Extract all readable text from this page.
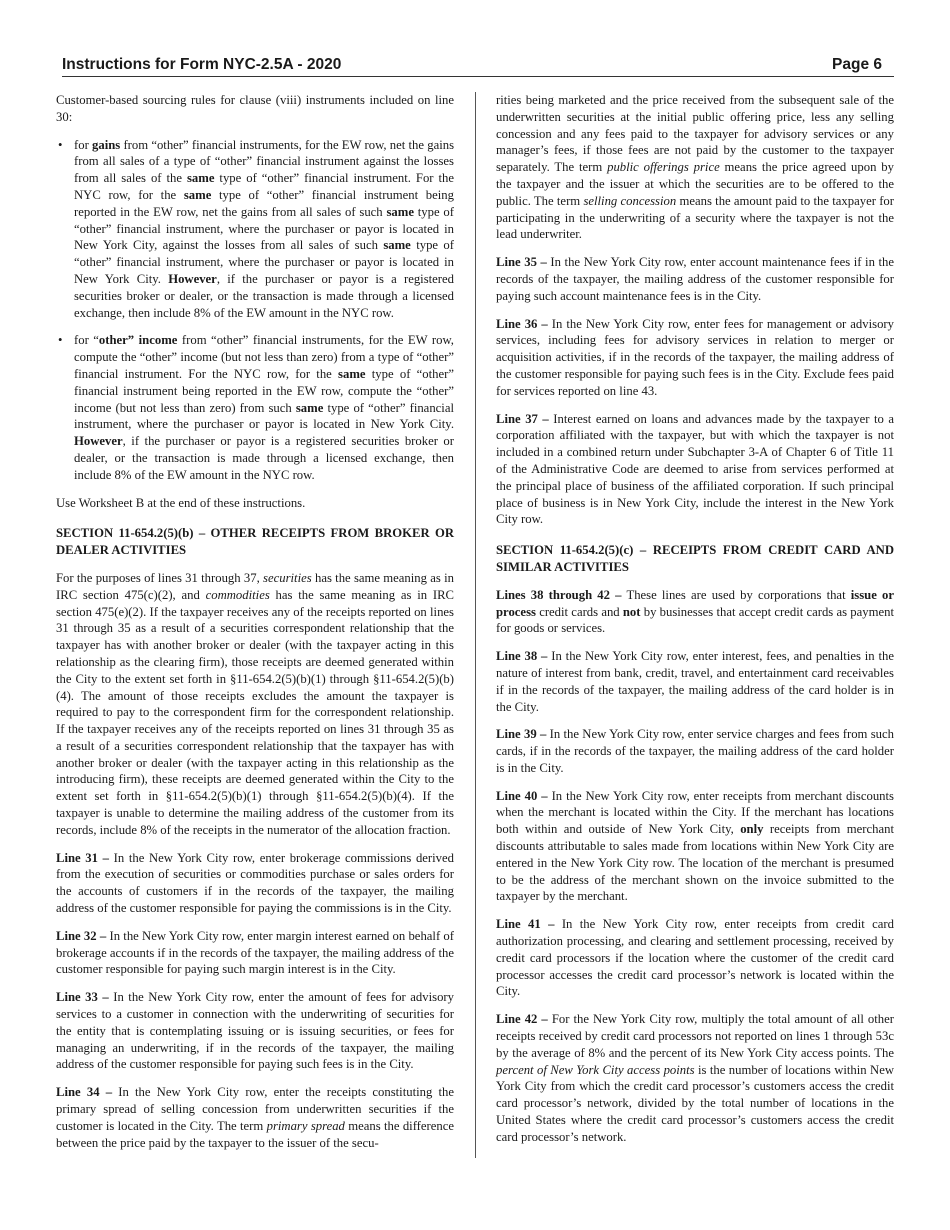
Instructions for Form NYC-2.5A - 2020	Page 6

Customer-based sourcing rules for clause (viii) instruments included on line 30:

• for gains from “other” financial instruments, for the EW row, net the gains from all sales of a type of “other” financial instrument against the losses from all sales of the same type of “other” financial instrument. For the NYC row, for the same type of “other” financial instrument being reported in the EW row, net the gains from all sales of such same type of “other” financial instrument, where the purchaser or payor is located in New York City, against the losses from all sales of such same type of “other” financial instrument, where the purchaser or payor is located in New York City. However, if the purchaser or payor is a registered securities broker or dealer, or the transaction is made through a licensed exchange, then include 8% of the EW amount in the NYC row.
• for “other” income from “other” financial instruments, for the EW row, compute the “other” income (but not less than zero) from a type of “other” financial instrument. For the NYC row, for the same type of “other” financial instrument being reported in the EW row, compute the “other” income (but not less than zero) from such same type of “other” financial instrument, where the purchaser or payor is located in New York City. However, if the purchaser or payor is a registered securities broker or dealer, or the transaction is made through a licensed exchange, then include 8% of the EW amount in the NYC row.

Use Worksheet B at the end of these instructions.

SECTION 11-654.2(5)(b) – OTHER RECEIPTS FROM BROKER OR DEALER ACTIVITIES

For the purposes of lines 31 through 37, securities has the same meaning as in IRC section 475(c)(2), and commodities has the same meaning as in IRC section 475(e)(2). If the taxpayer receives any of the receipts reported on lines 31 through 35 as a result of a securities correspondent relationship that the taxpayer has with another broker or dealer (with the taxpayer acting in this relationship as the clearing firm), those receipts are deemed generated within the City to the extent set forth in §11-654.2(5)(b)(1) through §11-654.2(5)(b)(4). The amount of those receipts excludes the amount the taxpayer is required to pay to the correspondent firm for the correspondent relationship. If the taxpayer receives any of the receipts reported on lines 31 through 35 as a result of a securities correspondent relationship that the taxpayer has with another broker or dealer (with the taxpayer acting in this relationship as the introducing firm), these receipts are deemed generated within the City to the extent set forth in §11-654.2(5)(b)(1) through §11-654.2(5)(b)(4). If the taxpayer is unable to determine the mailing address of the customer from its records, include 8% of the receipts in the numerator of the allocation fraction.

Line 31 – In the New York City row, enter brokerage commissions derived from the execution of securities or commodities purchase or sales orders for the accounts of customers if in the records of the taxpayer, the mailing address of the customer responsible for paying the commissions is in the City.

Line 32 – In the New York City row, enter margin interest earned on behalf of brokerage accounts if in the records of the taxpayer, the mailing address of the customer responsible for paying such margin interest is in the City.

Line 33 – In the New York City row, enter the amount of fees for advisory services to a customer in connection with the underwriting of securities for the entity that is contemplating issuing or is issuing securities, or fees for managing an underwriting, if in the records of the taxpayer, the mailing address of the customer responsible for paying such fees is in the City.

Line 34 – In the New York City row, enter the receipts constituting the primary spread of selling concession from underwritten securities if the customer is located in the City. The term primary spread means the difference between the price paid by the taxpayer to the issuer of the secu-

rities being marketed and the price received from the subsequent sale of the underwritten securities at the initial public offering price, less any selling concession and any fees paid to the taxpayer for advisory services or any manager’s fees, if those fees are not paid by the customer to the taxpayer separately. The term public offerings price means the price agreed upon by the taxpayer and the issuer at which the securities are to be offered to the public. The term selling concession means the amount paid to the taxpayer for participating in the underwriting of a security where the taxpayer is not the lead underwriter.

Line 35 – In the New York City row, enter account maintenance fees if in the records of the taxpayer, the mailing address of the customer responsible for paying such account maintenance fees is in the City.

Line 36 – In the New York City row, enter fees for management or advisory services, including fees for advisory services in relation to merger or acquisition activities, if in the records of the taxpayer, the mailing address of the customer responsible for paying such fees is in the City. Exclude fees paid for services reported on line 43.

Line 37 – Interest earned on loans and advances made by the taxpayer to a corporation affiliated with the taxpayer, but with which the taxpayer is not included in a combined return under Subchapter 3-A of Chapter 6 of Title 11 of the Administrative Code are deemed to arise from services performed at the principal place of business of the affiliated corporation. If such principal place of business is in New York City, include the interest in the New York City row.

SECTION 11-654.2(5)(c) – RECEIPTS FROM CREDIT CARD AND SIMILAR ACTIVITIES

Lines 38 through 42 – These lines are used by corporations that issue or process credit cards and not by businesses that accept credit cards as payment for goods or services.

Line 38 – In the New York City row, enter interest, fees, and penalties in the nature of interest from bank, credit, travel, and entertainment card receivables if in the records of the taxpayer, the mailing address of the card holder is in the City.

Line 39 – In the New York City row, enter service charges and fees from such cards, if in the records of the taxpayer, the mailing address of the card holder is in the City.

Line 40 – In the New York City row, enter receipts from merchant discounts when the merchant is located within the City. If the merchant has locations both within and outside of New York City, only receipts from merchant discounts attributable to sales made from locations within New York City are entered in the New York City row. The location of the merchant is presumed to be the address of the merchant shown on the invoice submitted to the taxpayer by the merchant.

Line 41 – In the New York City row, enter receipts from credit card authorization processing, and clearing and settlement processing, received by credit card processors if the location where the customer of the credit card processor accesses the credit card processor’s network is located within the City.

Line 42 – For the New York City row, multiply the total amount of all other receipts received by credit card processors not reported on lines 1 through 53c by the average of 8% and the percent of its New York City access points. The percent of New York City access points is the number of locations within New York City from which the credit card processor’s customers access the credit card processor’s network, divided by the total number of locations in the United States where the credit card processor’s customers access the credit card processor’s network.
